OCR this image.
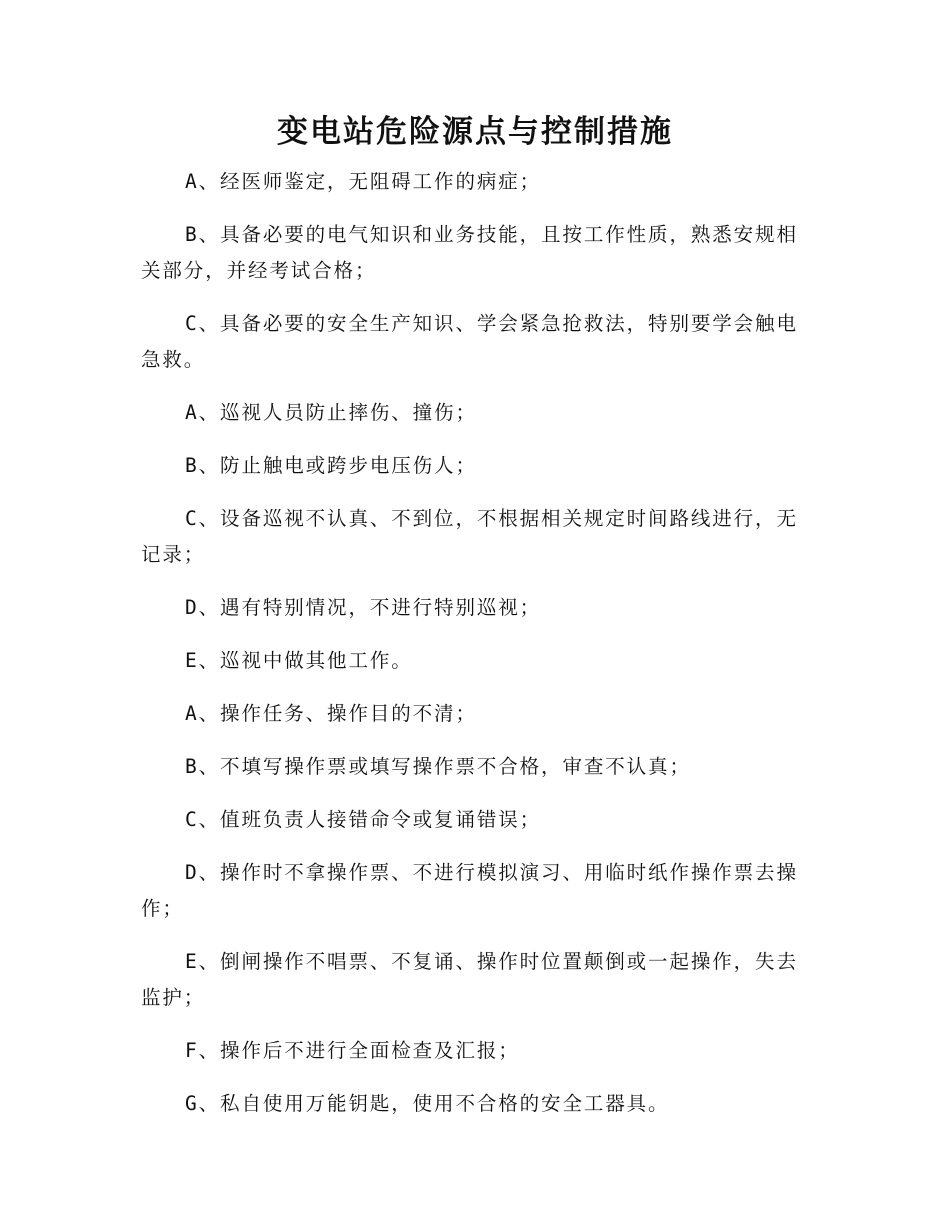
变电站危险源点与控制措施

A、经医师鉴定，无阻碍工作的病症；

B、具备必要的电气知识和业务技能，且按工作性质，熟悉安规相关部分，并经考试合格；

C、具备必要的安全生产知识、学会紧急抢救法，特别要学会触电急救。

A、巡视人员防止摔伤、撞伤；

B、防止触电或跨步电压伤人；

C、设备巡视不认真、不到位，不根据相关规定时间路线进行，无记录；

D、遇有特别情况，不进行特别巡视；

E、巡视中做其他工作。

A、操作任务、操作目的不清；

B、不填写操作票或填写操作票不合格，审查不认真；

C、值班负责人接错命令或复诵错误；

D、操作时不拿操作票、不进行模拟演习、用临时纸作操作票去操作；

E、倒闸操作不唱票、不复诵、操作时位置颠倒或一起操作，失去监护；

F、操作后不进行全面检查及汇报；

G、私自使用万能钥匙，使用不合格的安全工器具。
